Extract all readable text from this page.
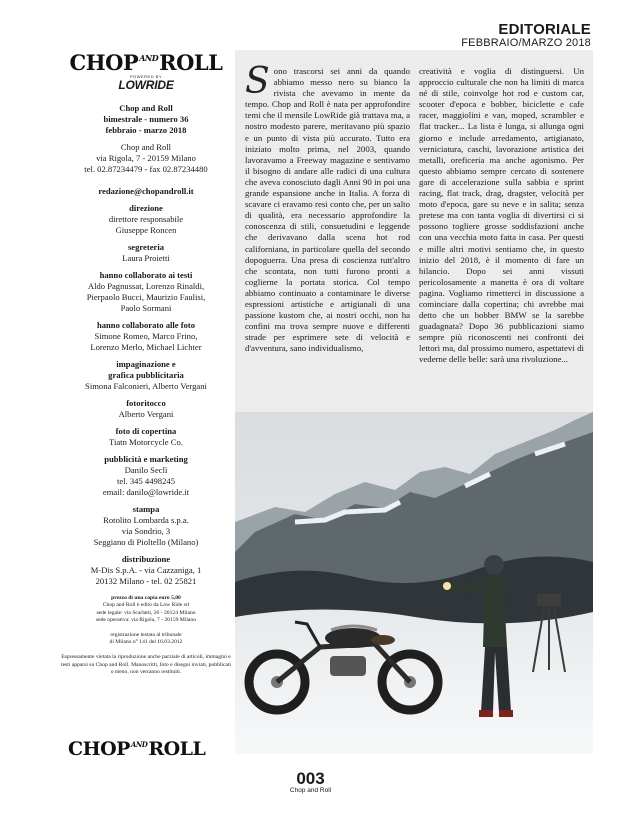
EDITORIALE
FEBBRAIO/MARZO 2018
$CHOP^{AND}ROLL$
POWERED BY
LOWRIDE
Chop and Roll
bimestrale - numero 36
febbraio - marzo 2018
Chop and Roll
via Rigola, 7 - 20159 Milano
tel. 02.87234479 - fax 02.87234480
redazione@chopandroll.it
direzione
direttore responsabile
Giuseppe Roncen
segreteria
Laura Proietti
hanno collaborato ai testi
Aldo Pagnussat, Lorenzo Rinaldi,
Pierpaolo Bucci, Maurizio Faulisi,
Paolo Sormani
hanno collaborato alle foto
Simone Romeo, Marco Frino,
Lorenzo Merlo, Michael Lichter
impaginazione e
grafica pubblicitaria
Simona Falconieri, Alberto Vergani
fotoritocco
Alberto Vergani
foto di copertina
Tiatn Motorcycle Co.
pubblicità e marketing
Danilo Seclì
tel. 345 4498245
email: danilo@lowride.it
stampa
Rotolito Lombarda s.p.a.
via Sondrio, 3
Seggiano di Pioltello (Milano)
distribuzione
M-Dis S.p.A. - via Cazzaniga, 1
20132 Milano - tel. 02 25821
prezzo di una copia euro 5,00
Chop and Roll è edito da Low Ride srl
sede legale: via Scarlatti, 26 - 20124 Milano
sede operativa: via Rigola, 7 - 20159 Milano
registrazione testata al tribunale
di Milano n° 141 del 16.03.2012
Espressamente vietata la riproduzione anche parziale di articoli, immagini e testi apparsi su Chop and Roll. Manoscritti, foto e disegni inviati, pubblicati o meno, non verranno restituiti.
$CHOP^{AND}ROLL$
Sono trascorsi sei anni da quando abbiamo messo nero su bianco la rivista che avevamo in mente da tempo. Chop and Roll è nata per approfondire temi che il mensile LowRide già trattava ma, a nostro modesto parere, meritavano più spazio e un punto di vista più accurato. Tutto era iniziato molto prima, nel 2003, quando lavoravamo a Freeway magazine e sentivamo il bisogno di andare alle radici di una cultura che aveva conosciuto dagli Anni 90 in poi una grande espansione anche in Italia. A forza di scavare ci eravamo resi conto che, per un salto di qualità, era necessario approfondire la conoscenza di stili, consuetudini e leggende che derivavano dalla scena hot rod californiana, in particolare quella del secondo dopoguerra. Una presa di coscienza tutt'altro che scontata, non tutti furono pronti a coglierne la portata storica. Col tempo abbiamo continuato a contaminare le diverse espressioni artistiche e artigianali di una passione kustom che, ai nostri occhi, non ha confini ma trova sempre nuove e differenti strade per esprimere sete di velocità e d'avventura, sano individualismo,
creatività e voglia di distinguersi. Un approccio culturale che non ha limiti di marca né di stile, coinvolge hot rod e custom car, scooter d'epoca e bobber, biciclette e cafe racer, maggiolini e van, moped, scrambler e flat tracker... La lista è lunga, si allunga ogni giorno e include arredamento, artigianato, verniciatura, caschi, lavorazione artistica dei metalli, oreficeria ma anche agonismo. Per questo abbiamo sempre cercato di sostenere gare di accelerazione sulla sabbia e sprint racing, flat track, drag, dragster, velocità per moto d'epoca, gare su neve e in salita; senza pretese ma con tanta voglia di divertirsi ci si possono togliere grosse soddisfazioni anche con una vecchia moto fatta in casa. Per questi e mille altri motivi sentiamo che, in questo inizio del 2018, è il momento di fare un bilancio. Dopo sei anni vissuti pericolosamente a manetta è ora di voltare pagina. Vogliamo rimetterci in discussione a cominciare dalla copertina; chi avrebbe mai detto che un bobber BMW se la sarebbe guadagnata? Dopo 36 pubblicazioni siamo sempre più riconoscenti nei confronti dei lettori ma, dal prossimo numero, aspettatevi di vederne delle belle: sarà una rivoluzione...
003
Chop and Roll
